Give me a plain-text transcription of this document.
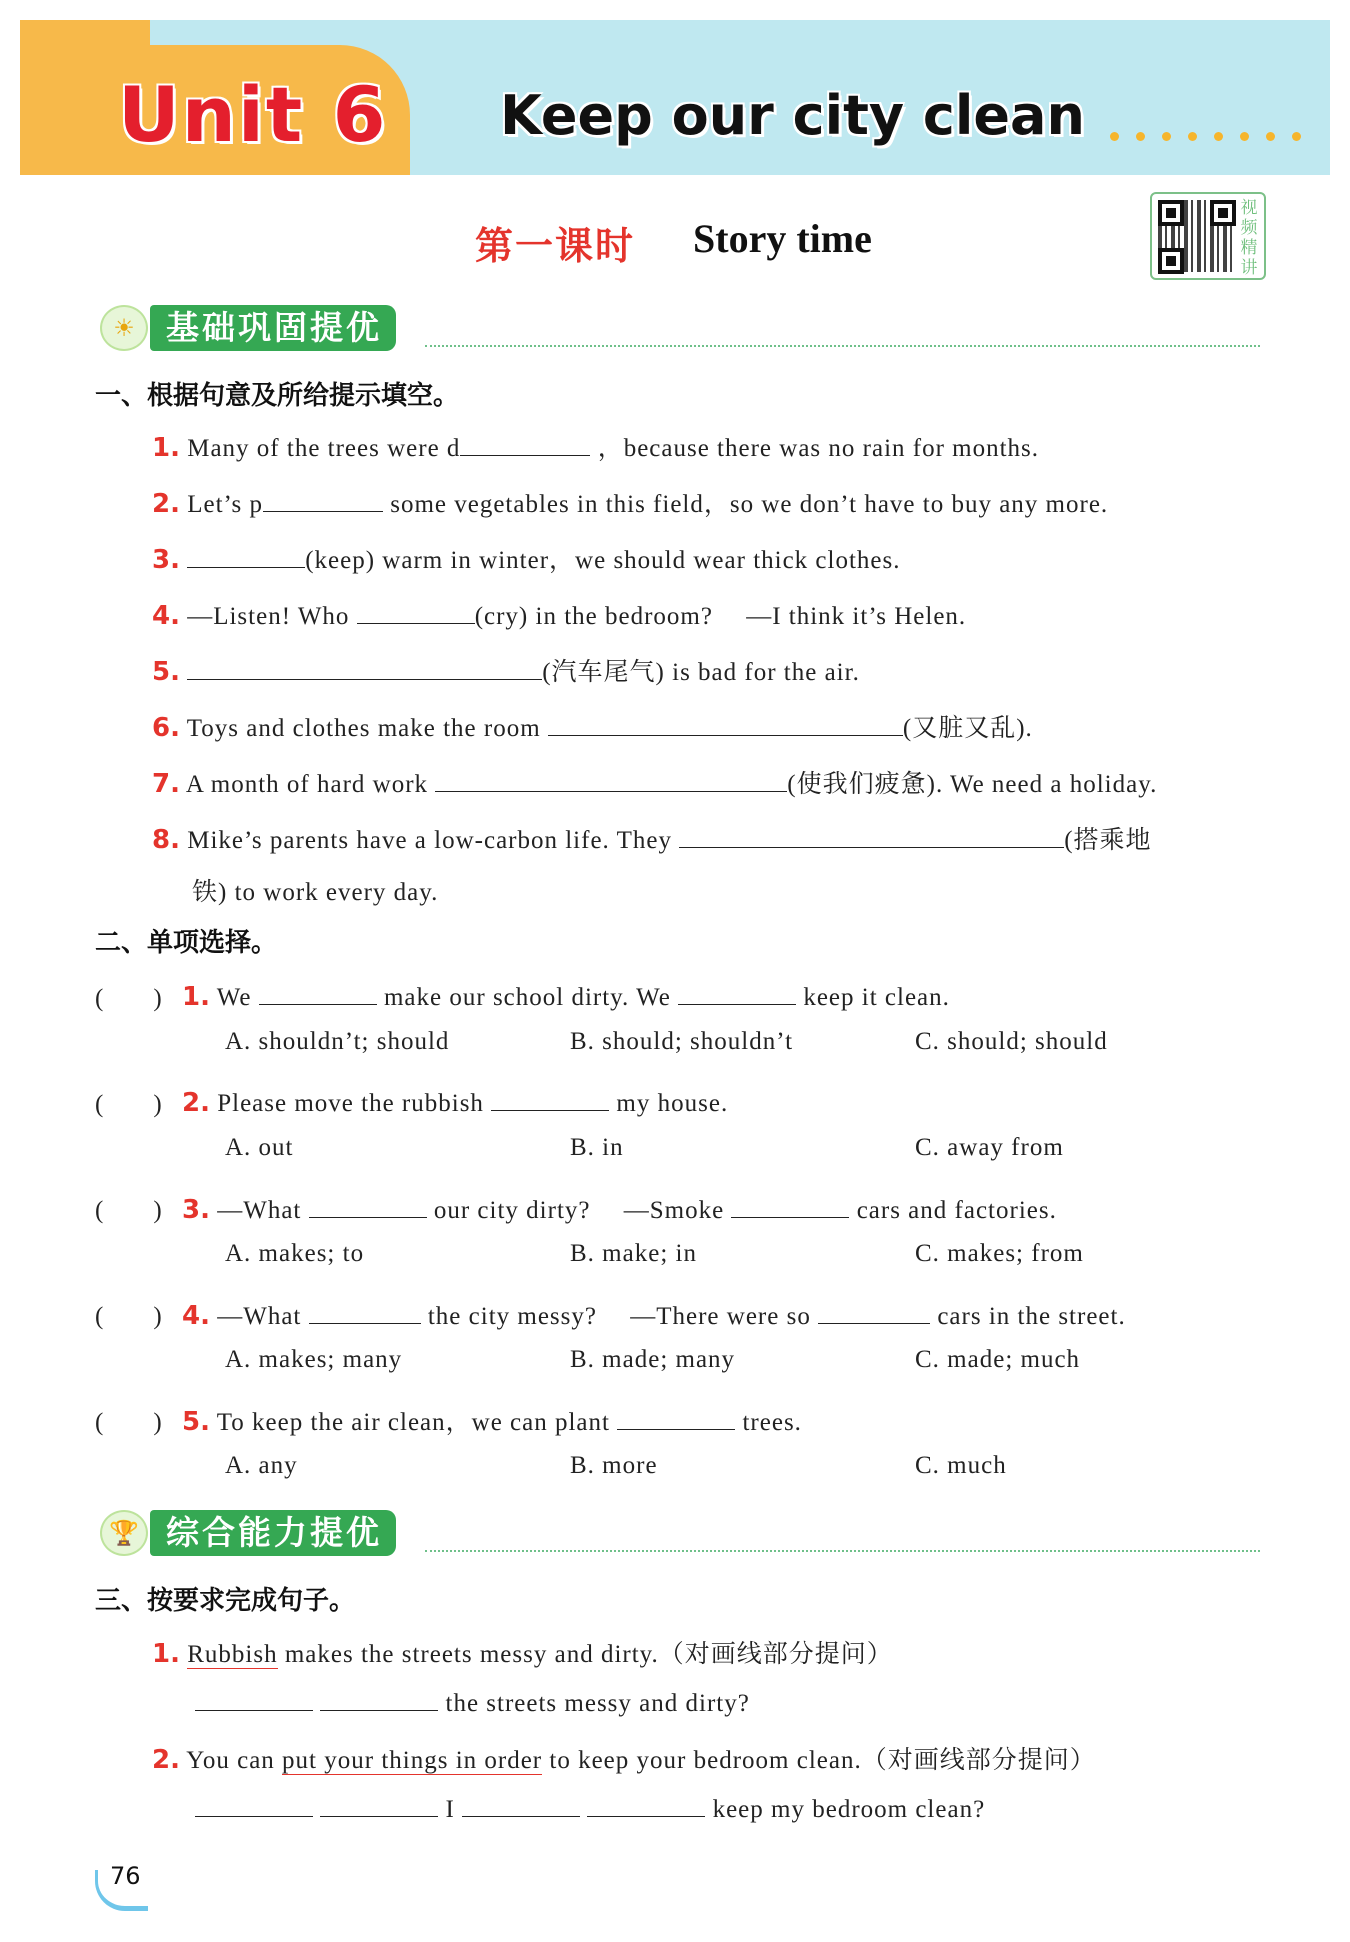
Unit 6 Keep our city clean
第一课时 Story time
视频精讲
☀ 基础巩固提优
一、根据句意及所给提示填空。
1. Many of the trees were d	，because there was no rain for months.
2. Let’s p	some vegetables in this field，so we don’t have to buy any more.
3.	(keep) warm in winter，we should wear thick clothes.
4. —Listen! Who	(cry) in the bedroom?　 —I think it’s Helen.
5.	(汽车尾气) is bad for the air.
6. Toys and clothes make the room	(又脏又乱).
7. A month of hard work	(使我们疲惫). We need a holiday.
8. Mike’s parents have a low-carbon life. They	(搭乘地
铁) to work every day.
二、单项选择。
(　　) 1. We	make our school dirty. We	keep it clean.
A. shouldn’t; should	B. should; shouldn’t	C. should; should
(　　) 2. Please move the rubbish	my house.
A. out	B. in	C. away from
(　　) 3. —What	our city dirty?　 —Smoke	cars and factories.
A. makes; to	B. make; in	C. makes; from
(　　) 4. —What	the city messy?　 —There were so	cars in the street.
A. makes; many	B. made; many	C. made; much
(　　) 5. To keep the air clean，we can plant	trees.
A. any	B. more	C. much
🏆 综合能力提优
三、按要求完成句子。
1. Rubbish makes the streets messy and dirty.（对画线部分提问）
the streets messy and dirty?
2. You can put your things in order to keep your bedroom clean.（对画线部分提问）
I	keep my bedroom clean?
76
